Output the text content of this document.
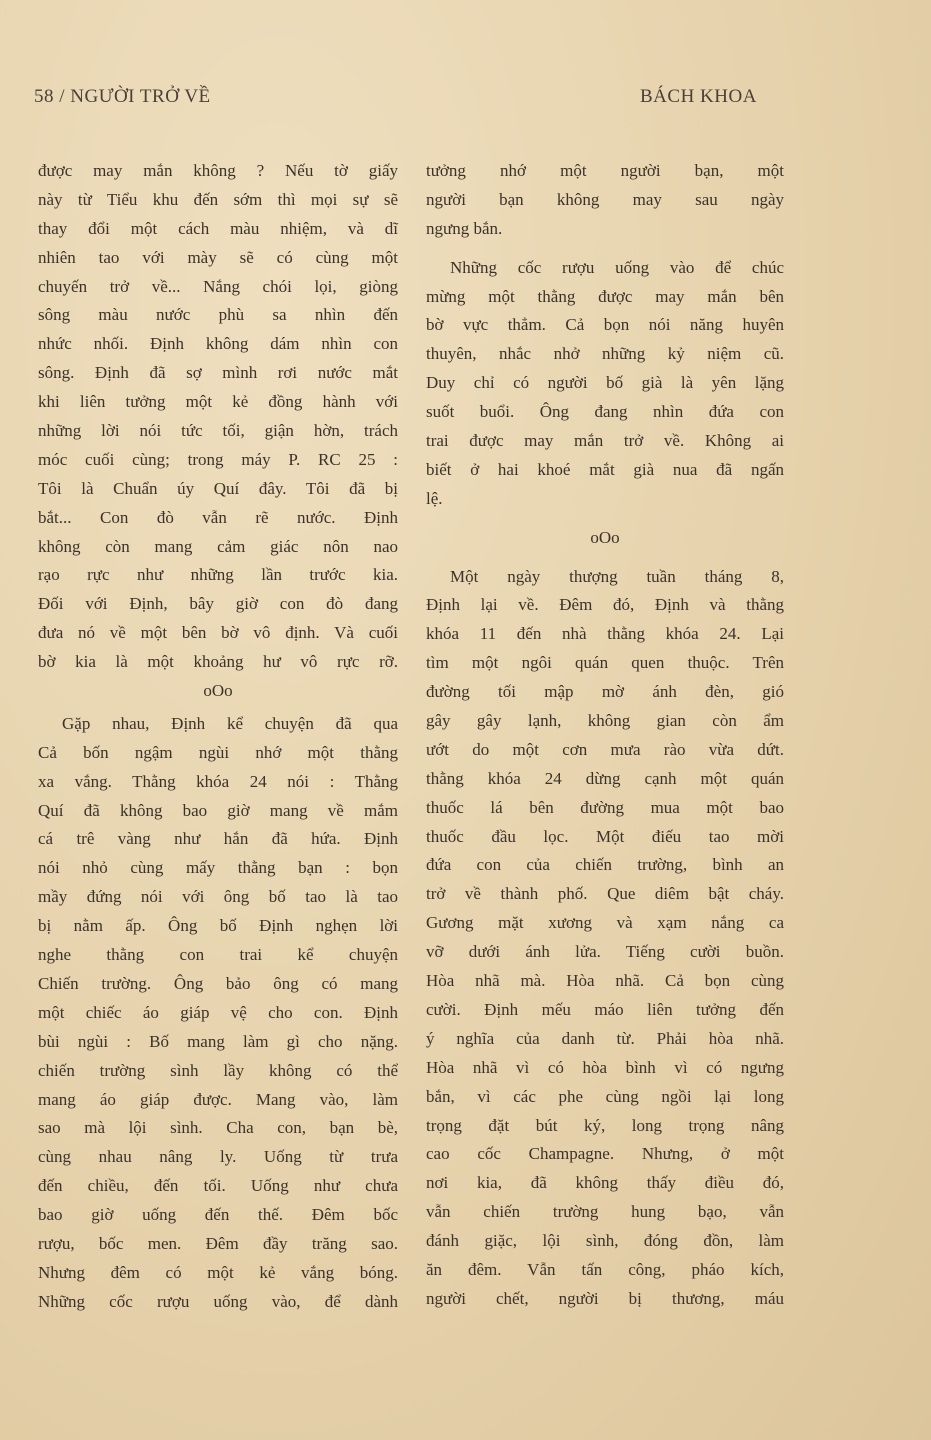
58 / NGƯỜI TRỞ VỀ	BÁCH KHOA
được may mắn không ? Nếu tờ giấy
này từ Tiểu khu đến sớm thì mọi sự sẽ
thay đổi một cách màu nhiệm, và dĩ
nhiên tao với mày sẽ có cùng một
chuyến trở về... Nắng chói lọi, giòng
sông màu nước phù sa nhìn đến
nhức nhối. Định không dám nhìn con
sông. Định đã sợ mình rơi nước mắt
khi liên tưởng một kẻ đồng hành với
những lời nói tức tối, giận hờn, trách
móc cuối cùng; trong máy P. RC 25 :
Tôi là Chuẩn úy Quí đây. Tôi đã bị
bắt... Con đò vẫn rẽ nước. Định
không còn mang cảm giác nôn nao
rạo rực như những lần trước kia.
Đối với Định, bây giờ con đò đang
đưa nó về một bên bờ vô định. Và cuối
bờ kia là một khoảng hư vô rực rỡ.
oOo
Gặp nhau, Định kể chuyện đã qua
Cả bốn ngậm ngùi nhớ một thằng
xa vắng. Thằng khóa 24 nói : Thằng
Quí đã không bao giờ mang về mắm
cá trê vàng như hắn đã hứa. Định
nói nhỏ cùng mấy thằng bạn : bọn
mầy đứng nói với ông bố tao là tao
bị nằm ấp. Ông bố Định nghẹn lời
nghe thằng con trai kể chuyện
Chiến trường. Ông bảo ông có mang
một chiếc áo giáp vệ cho con. Định
bùi ngùi : Bố mang làm gì cho nặng.
chiến trường sình lầy không có thể
mang áo giáp được. Mang vào, làm
sao mà lội sình. Cha con, bạn bè,
cùng nhau nâng ly. Uống từ trưa
đến chiều, đến tối. Uống như chưa
bao giờ uống đến thế. Đêm bốc
rượu, bốc men. Đêm đầy trăng sao.
Nhưng đêm có một kẻ vắng bóng.
Những cốc rượu uống vào, để dành
tưởng nhớ một người bạn, một
người bạn không may sau ngày
ngưng bắn.
Những cốc rượu uống vào để chúc
mừng một thằng được may mắn bên
bờ vực thẳm. Cả bọn nói năng huyên
thuyên, nhắc nhở những kỷ niệm cũ.
Duy chỉ có người bố già là yên lặng
suốt buổi. Ông đang nhìn đứa con
trai được may mắn trở về. Không ai
biết ở hai khoé mắt già nua đã ngấn
lệ.
oOo
Một ngày thượng tuần tháng 8,
Định lại về. Đêm đó, Định và thằng
khóa 11 đến nhà thằng khóa 24. Lại
tìm một ngôi quán quen thuộc. Trên
đường tối mập mờ ánh đèn, gió
gây gây lạnh, không gian còn ẩm
ướt do một cơn mưa rào vừa dứt.
thằng khóa 24 dừng cạnh một quán
thuốc lá bên đường mua một bao
thuốc đầu lọc. Một điếu tao mời
đứa con của chiến trường, bình an
trở về thành phố. Que diêm bật cháy.
Gương mặt xương và xạm nắng ca
vỡ dưới ánh lửa. Tiếng cười buồn.
Hòa nhã mà. Hòa nhã. Cả bọn cùng
cười. Định mếu máo liên tưởng đến
ý nghĩa của danh từ. Phải hòa nhã.
Hòa nhã vì có hòa bình vì có ngưng
bắn, vì các phe cùng ngồi lại long
trọng đặt bút ký, long trọng nâng
cao cốc Champagne. Nhưng, ở một
nơi kia, đã không thấy điều đó,
vẫn chiến trường hung bạo, vẫn
đánh giặc, lội sình, đóng đồn, làm
ăn đêm. Vẫn tấn công, pháo kích,
người chết, người bị thương, máu
